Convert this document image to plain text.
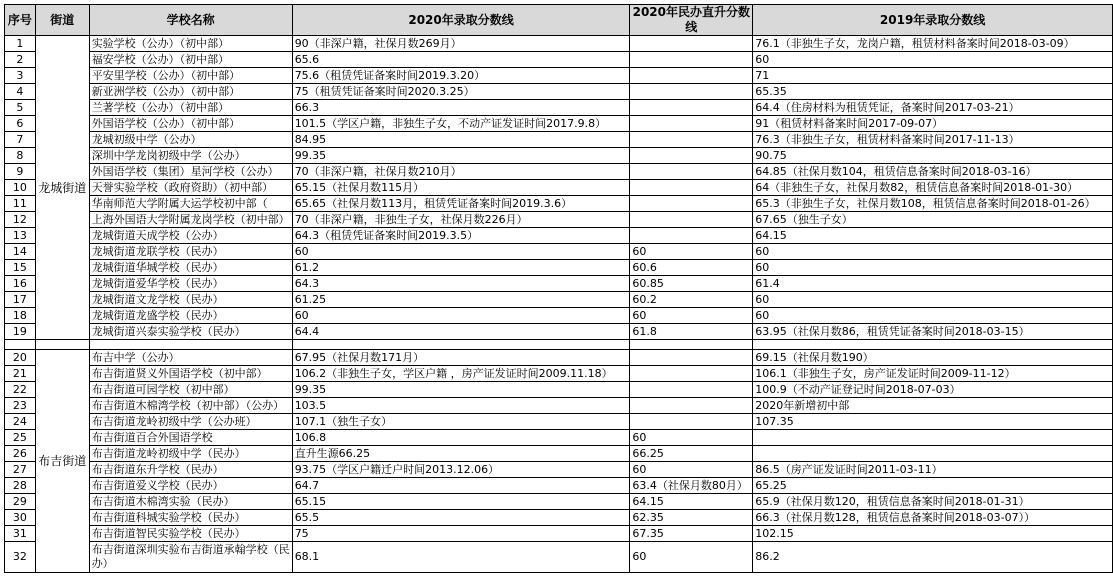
序号	街道	学校名称	2020年录取分数线	2020年民办直升分数线	2019年录取分数线
1	龙城街道	实验学校（公办）（初中部）	90（非深户籍，社保月数269月）		76.1（非独生子女，龙岗户籍，租赁材料备案时间2018-03-09）
2		福安学校（公办）（初中部）	65.6		60
3		平安里学校（公办）（初中部）	75.6（租赁凭证备案时间2019.3.20）		71
4		新亚洲学校（公办）（初中部）	75（租赁凭证备案时间2020.3.25）		65.35
5		兰著学校（公办）（初中部）	66.3		64.4（住房材料为租赁凭证，备案时间2017-03-21）
6		外国语学校（公办）（初中部）	101.5（学区户籍，非独生子女，不动产证发证时间2017.9.8）		91（租赁材料备案时间2017-09-07）
7		龙城初级中学（公办）	84.95		76.3（非独生子女，租赁材料备案时间2017-11-13）
8		深圳中学龙岗初级中学（公办）	99.35		90.75
9		外国语学校（集团）星河学校（公办）	70（非深户籍，社保月数210月）		64.85（社保月数104，租赁信息备案时间2018-03-16）
10		天誉实验学校（政府资助）（初中部）	65.15（社保月数115月）		64（非独生子女，社保月数82，租赁信息备案时间2018-01-30）
11		华南师范大学附属大运学校初中部（	65.65（社保月数113月，租赁凭证备案时间2019.3.6）		65.3（非独生子女，社保月数108，租赁信息备案时间2018-01-26）
12		上海外国语大学附属龙岗学校（初中部）	70（非深户籍，非独生子女，社保月数226月）		67.65（独生子女）
13		龙城街道天成学校（公办）	64.3（租赁凭证备案时间2019.3.5）		64.15
14		龙城街道龙联学校（民办）	60	60	60
15		龙城街道华城学校（民办）	61.2	60.6	60
16		龙城街道爱华学校（民办）	64.3	60.85	61.4
17		龙城街道文龙学校（民办）	61.25	60.2	60
18		龙城街道龙盛学校（民办）	60	60	60
19		龙城街道兴泰实验学校（民办）	64.4	61.8	63.95（社保月数86，租赁凭证备案时间2018-03-15）

20	布吉街道	布吉中学（公办）	67.95（社保月数171月）		69.15（社保月数190）
21		布吉街道贤义外国语学校（初中部）	106.2（非独生子女，学区户籍 ，房产证发证时间2009.11.18）		106.1（非独生子女，房产证发证时间2009-11-12）
22		布吉街道可园学校（初中部）	99.35		100.9（不动产证登记时间2018-07-03）
23		布吉街道木棉湾学校（初中部）（公办）	103.5		2020年新增初中部
24		布吉街道龙岭初级中学（公办班）	107.1（独生子女）		107.35
25		布吉街道百合外国语学校	106.8	60	
26		布吉街道龙岭初级中学（民办）	直升生源66.25	66.25	
27		布吉街道东升学校（民办）	93.75（学区户籍迁户时间2013.12.06）	60	86.5（房产证发证时间2011-03-11）
28		布吉街道爱义学校（民办）	64.7	63.4（社保月数80月）	65.25
29		布吉街道木棉湾实验（民办）	65.15	64.15	65.9（社保月数120，租赁信息备案时间2018-01-31）
30		布吉街道科城实验学校（民办）	65.5	62.35	66.3（社保月数128，租赁信息备案时间2018-03-07））
31		布吉街道智民实验学校（民办）	75	67.35	102.15
32		布吉街道深圳实验布吉街道承翰学校（民办）	68.1	60	86.2
